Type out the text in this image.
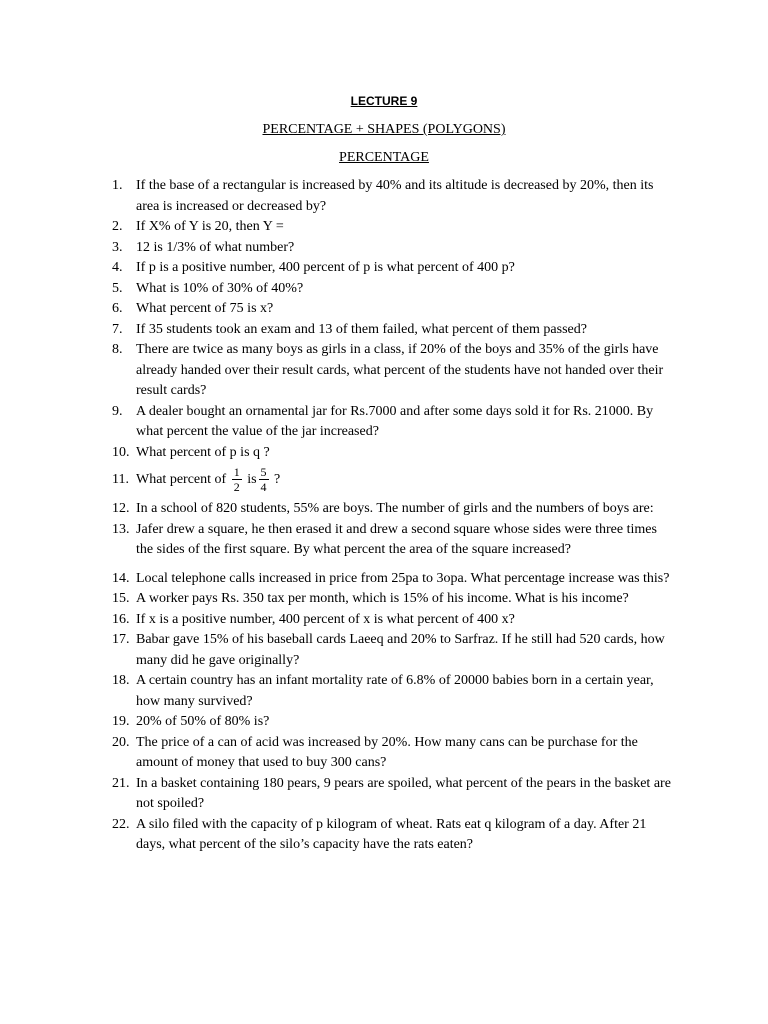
LECTURE 9
PERCENTAGE + SHAPES (POLYGONS)
PERCENTAGE
1. If the base of a rectangular is increased by 40% and its altitude is decreased by 20%, then its area is increased or decreased by?
2. If X% of Y is 20, then Y =
3. 12 is 1/3% of what number?
4. If p is a positive number, 400 percent of p is what percent of 400 p?
5. What is 10% of 30% of 40%?
6. What percent of 75 is x?
7. If 35 students took an exam and 13 of them failed, what percent of them passed?
8. There are twice as many boys as girls in a class, if 20% of the boys and 35% of the girls have already handed over their result cards, what percent of the students have not handed over their result cards?
9. A dealer bought an ornamental jar for Rs.7000 and after some days sold it for Rs. 21000. By what percent the value of the jar increased?
10. What percent of p is q ?
11. What percent of $\frac{1}{2}$ is $\frac{5}{4}$ ?
12. In a school of 820 students, 55% are boys. The number of girls and the numbers of boys are:
13. Jafer drew a square, he then erased it and drew a second square whose sides were three times the sides of the first square. By what percent the area of the square increased?
14. Local telephone calls increased in price from 25pa to 3opa. What percentage increase was this?
15. A worker pays Rs. 350 tax per month, which is 15% of his income. What is his income?
16. If x is a positive number, 400 percent of x is what percent of 400 x?
17. Babar gave 15% of his baseball cards Laeeq and 20% to Sarfraz. If he still had 520 cards, how many did he gave originally?
18. A certain country has an infant mortality rate of 6.8% of 20000 babies born in a certain year, how many survived?
19. 20% of 50% of 80% is?
20. The price of a can of acid was increased by 20%. How many cans can be purchase for the amount of money that used to buy 300 cans?
21. In a basket containing 180 pears, 9 pears are spoiled, what percent of the pears in the basket are not spoiled?
22. A silo filed with the capacity of p kilogram of wheat. Rats eat q kilogram of a day. After 21 days, what percent of the silo’s capacity have the rats eaten?
